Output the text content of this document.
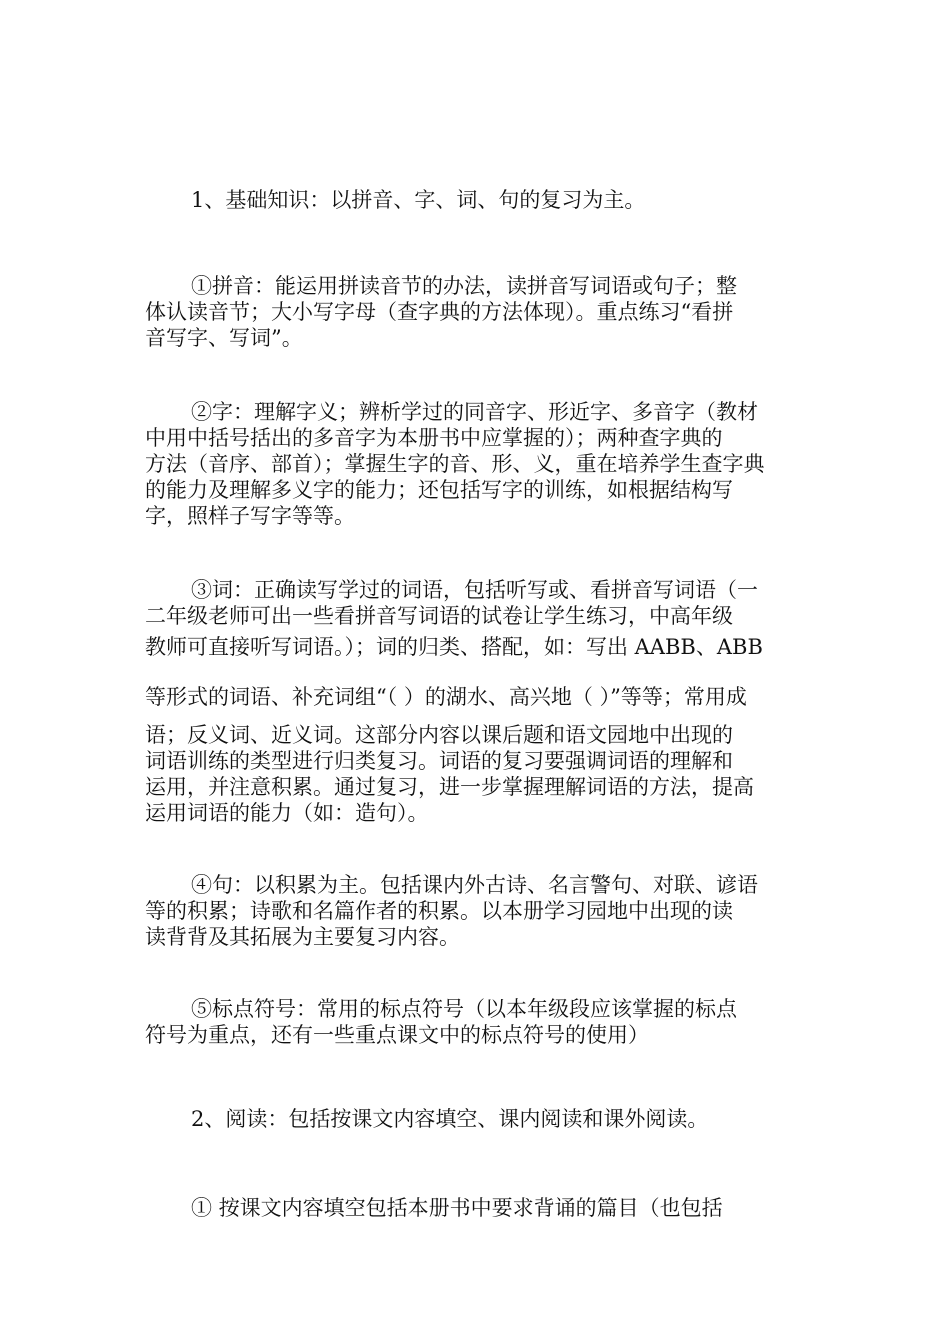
1、基础知识：以拼音、字、词、句的复习为主。

①拼音：能运用拼读音节的办法，读拼音写词语或句子；整
体认读音节；大小写字母（查字典的方法体现）。重点练习“看拼
音写字、写词”。

②字：理解字义；辨析学过的同音字、形近字、多音字（教材
中用中括号括出的多音字为本册书中应掌握的）；两种查字典的
方法（音序、部首）；掌握生字的音、形、义，重在培养学生查字典
的能力及理解多义字的能力；还包括写字的训练，如根据结构写
字，照样子写字等等。

③词：正确读写学过的词语，包括听写或、看拼音写词语（一
二年级老师可出一些看拼音写词语的试卷让学生练习，中高年级

教师可直接听写词语。）；词的归类、搭配，如：写出 AABB、ABB

等形式的词语、补充词组“（ ）的湖水、高兴地（ ）”等等；常用成

语；反义词、近义词。这部分内容以课后题和语文园地中出现的
词语训练的类型进行归类复习。词语的复习要强调词语的理解和
运用，并注意积累。通过复习，进一步掌握理解词语的方法，提高
运用词语的能力（如：造句）。

④句：以积累为主。包括课内外古诗、名言警句、对联、谚语
等的积累；诗歌和名篇作者的积累。以本册学习园地中出现的读
读背背及其拓展为主要复习内容。

⑤标点符号：常用的标点符号（以本年级段应该掌握的标点
符号为重点，还有一些重点课文中的标点符号的使用）

2、阅读：包括按课文内容填空、课内阅读和课外阅读。

① 按课文内容填空包括本册书中要求背诵的篇目（也包括
